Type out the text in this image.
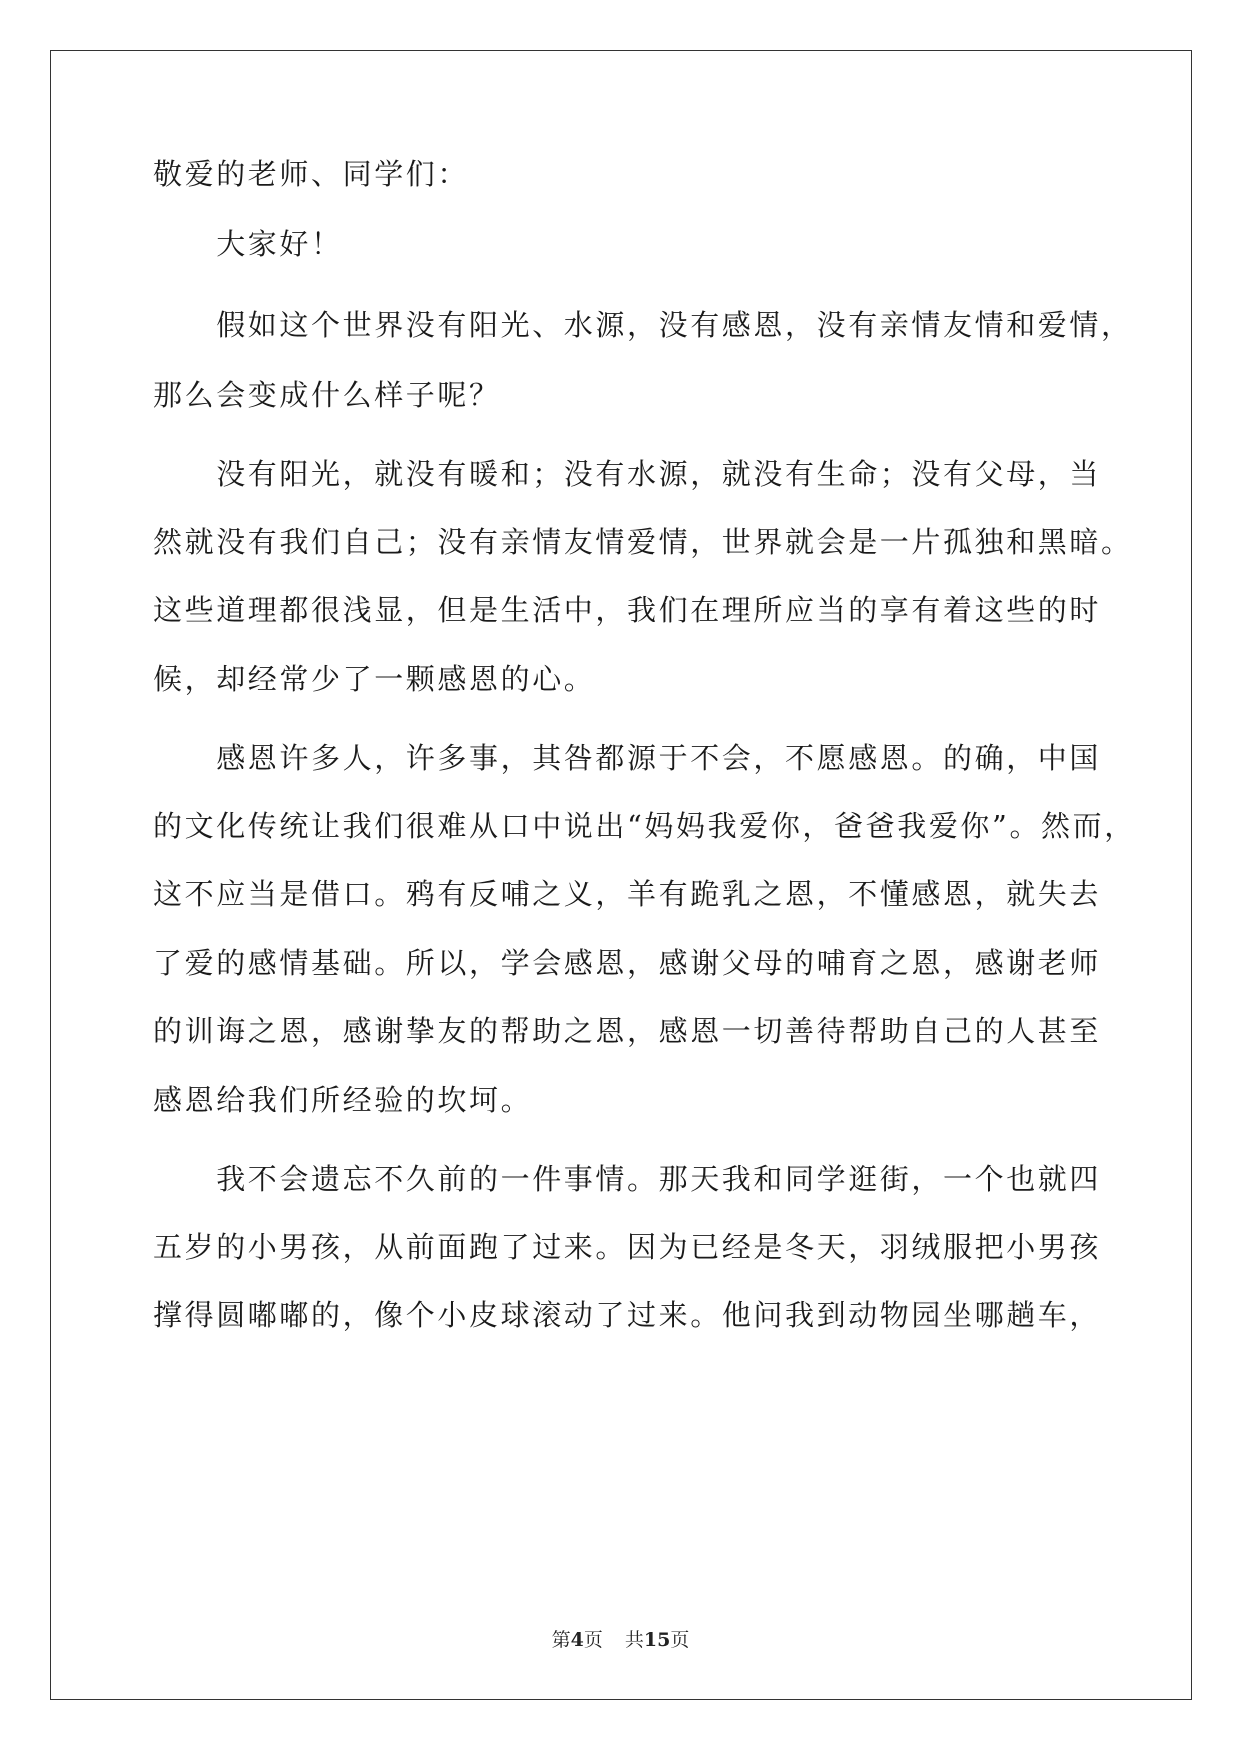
敬爱的老师、同学们：
　　大家好！
　　假如这个世界没有阳光、水源，没有感恩，没有亲情友情和爱情，
那么会变成什么样子呢？
　　没有阳光，就没有暖和；没有水源，就没有生命；没有父母，当
然就没有我们自己；没有亲情友情爱情，世界就会是一片孤独和黑暗。
这些道理都很浅显，但是生活中，我们在理所应当的享有着这些的时
候，却经常少了一颗感恩的心。
　　感恩许多人，许多事，其咎都源于不会，不愿感恩。的确，中国
的文化传统让我们很难从口中说出“妈妈我爱你，爸爸我爱你”。然而，
这不应当是借口。鸦有反哺之义，羊有跪乳之恩，不懂感恩，就失去
了爱的感情基础。所以，学会感恩，感谢父母的哺育之恩，感谢老师
的训诲之恩，感谢挚友的帮助之恩，感恩一切善待帮助自己的人甚至
感恩给我们所经验的坎坷。
　　我不会遗忘不久前的一件事情。那天我和同学逛街，一个也就四
五岁的小男孩，从前面跑了过来。因为已经是冬天，羽绒服把小男孩
撑得圆嘟嘟的，像个小皮球滚动了过来。他问我到动物园坐哪趟车，
第4页 共15页
